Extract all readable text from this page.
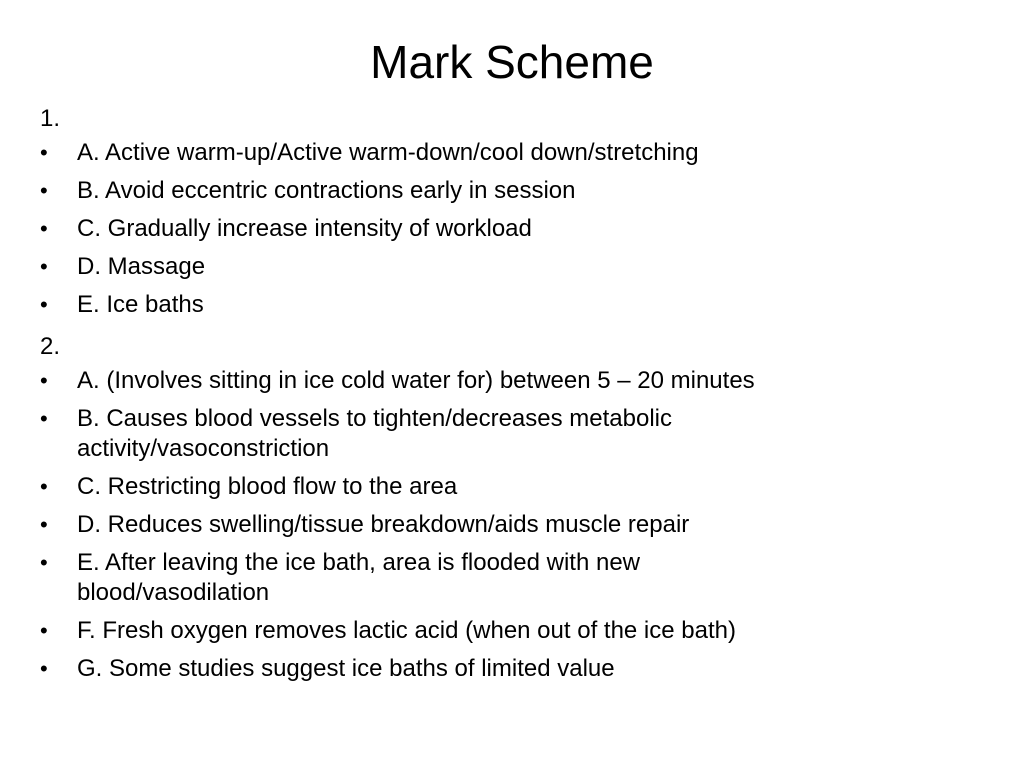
Mark Scheme
1.
•	A. Active warm-up/Active warm-down/cool down/stretching
•	B. Avoid eccentric contractions early in session
•	C. Gradually increase intensity of workload
•	D. Massage
•	E. Ice baths
2.
•	A. (Involves sitting in ice cold water for) between 5 – 20 minutes
•	B. Causes blood vessels to tighten/decreases metabolic activity/vasoconstriction
•	C. Restricting blood flow to the area
•	D. Reduces swelling/tissue breakdown/aids muscle repair
•	E. After leaving the ice bath, area is flooded with new blood/vasodilation
•	F. Fresh oxygen removes lactic acid (when out of the ice bath)
•	G. Some studies suggest ice baths of limited value
